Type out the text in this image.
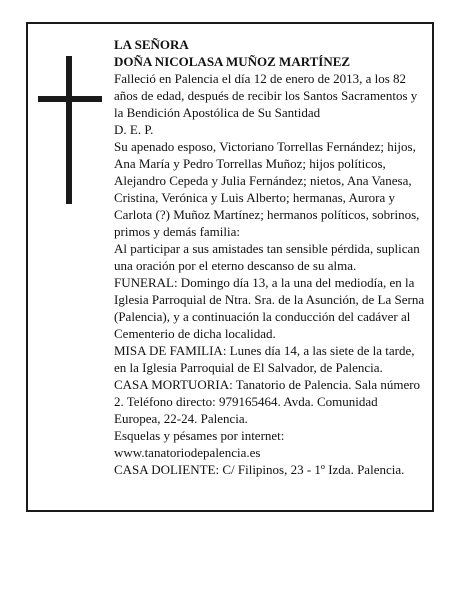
LA SEÑORA

DOÑA NICOLASA MUÑOZ MARTÍNEZ

Falleció en Palencia el día 12 de enero de 2013, a los 82 años de edad, después de recibir los Santos Sacramentos y la Bendición Apostólica de Su Santidad

D. E. P.

Su apenado esposo, Victoriano Torrellas Fernández; hijos, Ana María y Pedro Torrellas Muñoz; hijos políticos, Alejandro Cepeda y Julia Fernández; nietos, Ana Vanesa, Cristina, Verónica y Luis Alberto; hermanas, Aurora y Carlota (?) Muñoz Martínez; hermanos políticos, sobrinos, primos y demás familia:

Al participar a sus amistades tan sensible pérdida, suplican una oración por el eterno descanso de su alma.

FUNERAL: Domingo día 13, a la una del mediodía, en la Iglesia Parroquial de Ntra. Sra. de la Asunción, de La Serna (Palencia), y a continuación la conducción del cadáver al Cementerio de dicha localidad.

MISA DE FAMILIA: Lunes día 14, a las siete de la tarde, en la Iglesia Parroquial de El Salvador, de Palencia.

CASA MORTUORIA: Tanatorio de Palencia. Sala número 2. Teléfono directo: 979165464. Avda. Comunidad Europea, 22-24. Palencia.

Esquelas y pésames por internet:

www.tanatoriodepalencia.es

CASA DOLIENTE: C/ Filipinos, 23 - 1º Izda. Palencia.
